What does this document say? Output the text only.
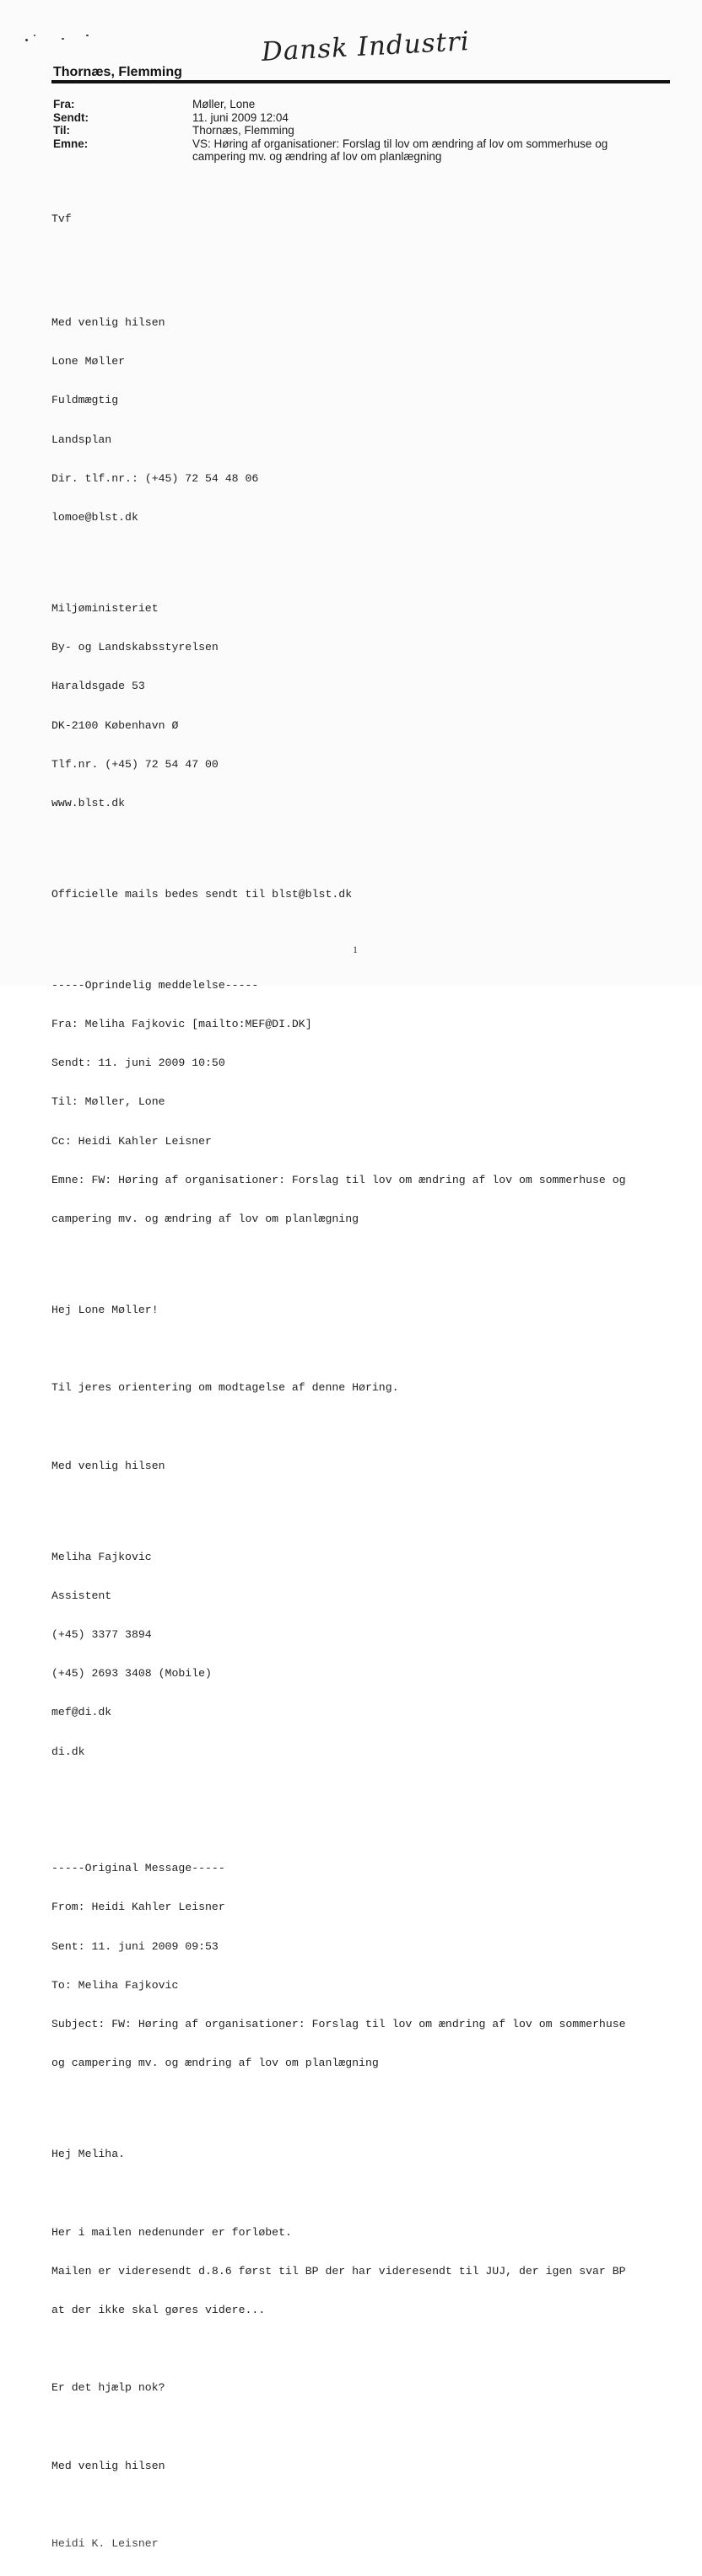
Dansk Industri
Thornæs, Flemming
Fra:	Møller, Lone
Sendt:	11. juni 2009 12:04
Til:	Thornæs, Flemming
Emne:	VS: Høring af organisationer: Forslag til lov om ændring af lov om sommerhuse og campering mv. og ændring af lov om planlægning

Tvf

Med venlig hilsen

Lone Møller

Fuldmægtig

Landsplan

Dir. tlf.nr.: (+45) 72 54 48 06

lomoe@blst.dk

Miljøministeriet

By- og Landskabsstyrelsen

Haraldsgade 53

DK-2100 København Ø

Tlf.nr. (+45) 72 54 47 00

www.blst.dk

Officielle mails bedes sendt til blst@blst.dk

-----Oprindelig meddelelse-----

Fra: Meliha Fajkovic [mailto:MEF@DI.DK]

Sendt: 11. juni 2009 10:50

Til: Møller, Lone

Cc: Heidi Kahler Leisner

Emne: FW: Høring af organisationer: Forslag til lov om ændring af lov om sommerhuse og

campering mv. og ændring af lov om planlægning

Hej Lone Møller!

Til jeres orientering om modtagelse af denne Høring.

Med venlig hilsen

Meliha Fajkovic

Assistent

(+45) 3377 3894

(+45) 2693 3408 (Mobile)

mef@di.dk

di.dk

-----Original Message-----

From: Heidi Kahler Leisner

Sent: 11. juni 2009 09:53

To: Meliha Fajkovic

Subject: FW: Høring af organisationer: Forslag til lov om ændring af lov om sommerhuse

og campering mv. og ændring af lov om planlægning

Hej Meliha.

Her i mailen nedenunder er forløbet.

Mailen er videresendt d.8.6 først til BP der har videresendt til JUJ, der igen svar BP

at der ikke skal gøres videre...

Er det hjælp nok?

Med venlig hilsen

Heidi K. Leisner

1
